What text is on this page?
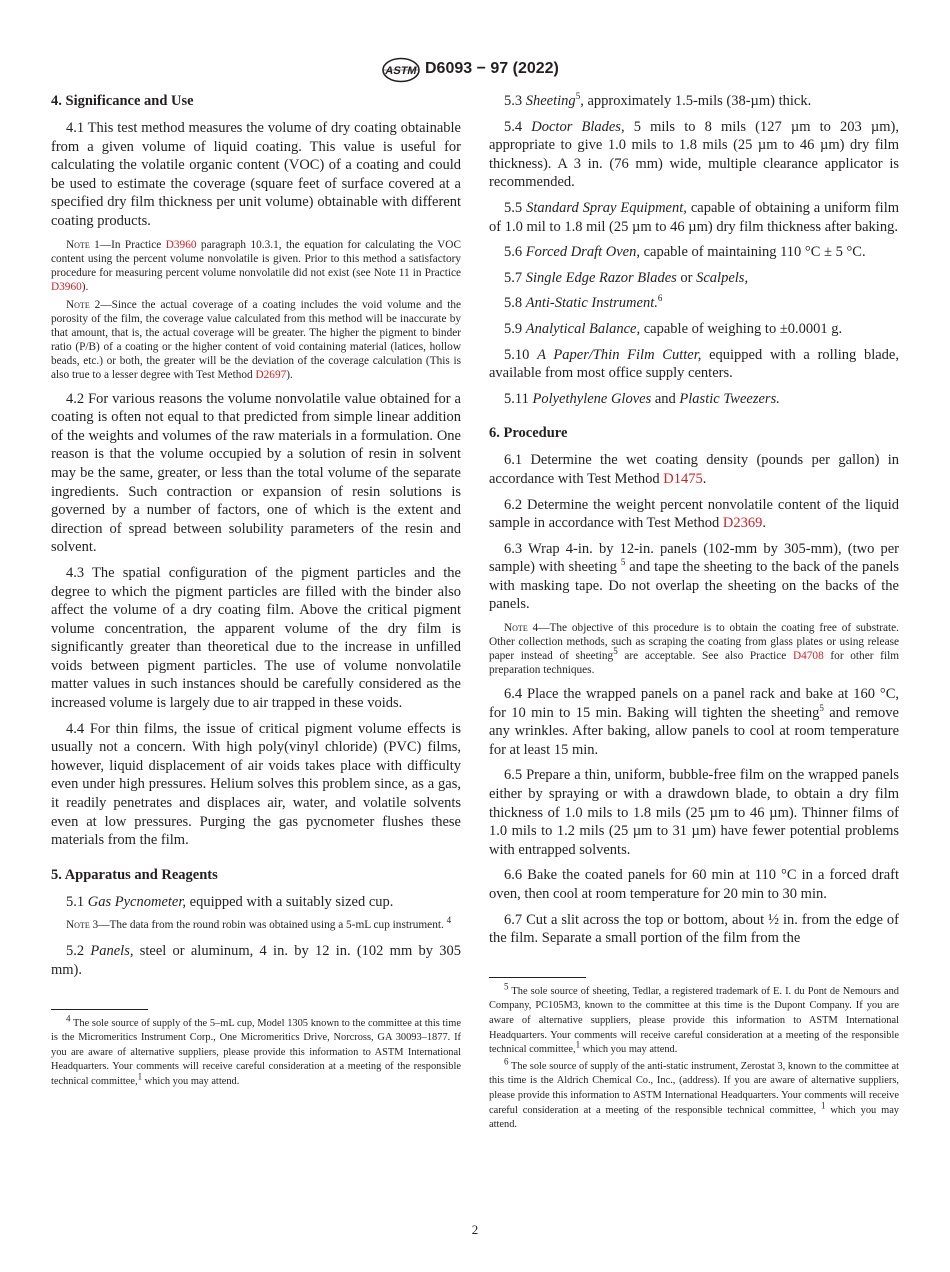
ASTM D6093 − 97 (2022)
4. Significance and Use

4.1 This test method measures the volume of dry coating obtainable from a given volume of liquid coating. This value is useful for calculating the volatile organic content (VOC) of a coating and could be used to estimate the coverage (square feet of surface covered at a specified dry film thickness per unit volume) obtainable with different coating products.

Note 1—In Practice D3960 paragraph 10.3.1, the equation for calculating the VOC content using the percent volume nonvolatile is given. Prior to this method a satisfactory procedure for measuring percent volume nonvolatile did not exist (see Note 11 in Practice D3960).

Note 2—Since the actual coverage of a coating includes the void volume and the porosity of the film, the coverage value calculated from this method will be inaccurate by that amount, that is, the actual coverage will be greater. The higher the pigment to binder ratio (P/B) of a coating or the higher content of void containing material (latices, hollow beads, etc.) or both, the greater will be the deviation of the coverage calculation (This is also true to a lesser degree with Test Method D2697).

4.2 For various reasons the volume nonvolatile value obtained for a coating is often not equal to that predicted from simple linear addition of the weights and volumes of the raw materials in a formulation. One reason is that the volume occupied by a solution of resin in solvent may be the same, greater, or less than the total volume of the separate ingredients. Such contraction or expansion of resin solutions is governed by a number of factors, one of which is the extent and direction of spread between solubility parameters of the resin and solvent.

4.3 The spatial configuration of the pigment particles and the degree to which the pigment particles are filled with the binder also affect the volume of a dry coating film. Above the critical pigment volume concentration, the apparent volume of the dry film is significantly greater than theoretical due to the increase in unfilled voids between pigment particles. The use of volume nonvolatile matter values in such instances should be carefully considered as the increased volume is largely due to air trapped in these voids.

4.4 For thin films, the issue of critical pigment volume effects is usually not a concern. With high poly(vinyl chloride) (PVC) films, however, liquid displacement of air voids takes place with difficulty even under high pressures. Helium solves this problem since, as a gas, it readily penetrates and displaces air, water, and volatile solvents even at low pressures. Purging the gas pycnometer flushes these materials from the film.

5. Apparatus and Reagents

5.1 Gas Pycnometer, equipped with a suitably sized cup.

Note 3—The data from the round robin was obtained using a 5-mL cup instrument. $^4$

5.2 Panels, steel or aluminum, 4 in. by 12 in. (102 mm by 305 mm).

$^4$ The sole source of supply of the 5–mL cup, Model 1305 known to the committee at this time is the Micromeritics Instrument Corp., One Micromeritics Drive, Norcross, GA 30093–1877. If you are aware of alternative suppliers, please provide this information to ASTM International Headquarters. Your comments will receive careful consideration at a meeting of the responsible technical committee,$^1$ which you may attend.

5.3 Sheeting$^5$, approximately 1.5-mils (38-µm) thick.

5.4 Doctor Blades, 5 mils to 8 mils (127 µm to 203 µm), appropriate to give 1.0 mils to 1.8 mils (25 µm to 46 µm) dry film thickness). A 3 in. (76 mm) wide, multiple clearance applicator is recommended.

5.5 Standard Spray Equipment, capable of obtaining a uniform film of 1.0 mil to 1.8 mil (25 µm to 46 µm) dry film thickness after baking.

5.6 Forced Draft Oven, capable of maintaining 110 °C ± 5 °C.

5.7 Single Edge Razor Blades or Scalpels,

5.8 Anti-Static Instrument.$^6$

5.9 Analytical Balance, capable of weighing to ±0.0001 g.

5.10 A Paper/Thin Film Cutter, equipped with a rolling blade, available from most office supply centers.

5.11 Polyethylene Gloves and Plastic Tweezers.

6. Procedure

6.1 Determine the wet coating density (pounds per gallon) in accordance with Test Method D1475.

6.2 Determine the weight percent nonvolatile content of the liquid sample in accordance with Test Method D2369.

6.3 Wrap 4-in. by 12-in. panels (102-mm by 305-mm), (two per sample) with sheeting $^5$ and tape the sheeting to the back of the panels with masking tape. Do not overlap the sheeting on the backs of the panels.

Note 4—The objective of this procedure is to obtain the coating free of substrate. Other collection methods, such as scraping the coating from glass plates or using release paper instead of sheeting$^5$ are acceptable. See also Practice D4708 for other film preparation techniques.

6.4 Place the wrapped panels on a panel rack and bake at 160 °C, for 10 min to 15 min. Baking will tighten the sheeting$^5$ and remove any wrinkles. After baking, allow panels to cool at room temperature for at least 15 min.

6.5 Prepare a thin, uniform, bubble-free film on the wrapped panels either by spraying or with a drawdown blade, to obtain a dry film thickness of 1.0 mils to 1.8 mils (25 µm to 46 µm). Thinner films of 1.0 mils to 1.2 mils (25 µm to 31 µm) have fewer potential problems with entrapped solvents.

6.6 Bake the coated panels for 60 min at 110 °C in a forced draft oven, then cool at room temperature for 20 min to 30 min.

6.7 Cut a slit across the top or bottom, about ½ in. from the edge of the film. Separate a small portion of the film from the

$^5$ The sole source of sheeting, Tedlar, a registered trademark of E. I. du Pont de Nemours and Company, PC105M3, known to the committee at this time is the Dupont Company. If you are aware of alternative suppliers, please provide this information to ASTM International Headquarters. Your comments will receive careful consideration at a meeting of the responsible technical committee,$^1$ which you may attend.

$^6$ The sole source of supply of the anti-static instrument, Zerostat 3, known to the committee at this time is the Aldrich Chemical Co., Inc., (address). If you are aware of alternative suppliers, please provide this information to ASTM International Headquarters. Your comments will receive careful consideration at a meeting of the responsible technical committee, $^1$ which you may attend.

2
